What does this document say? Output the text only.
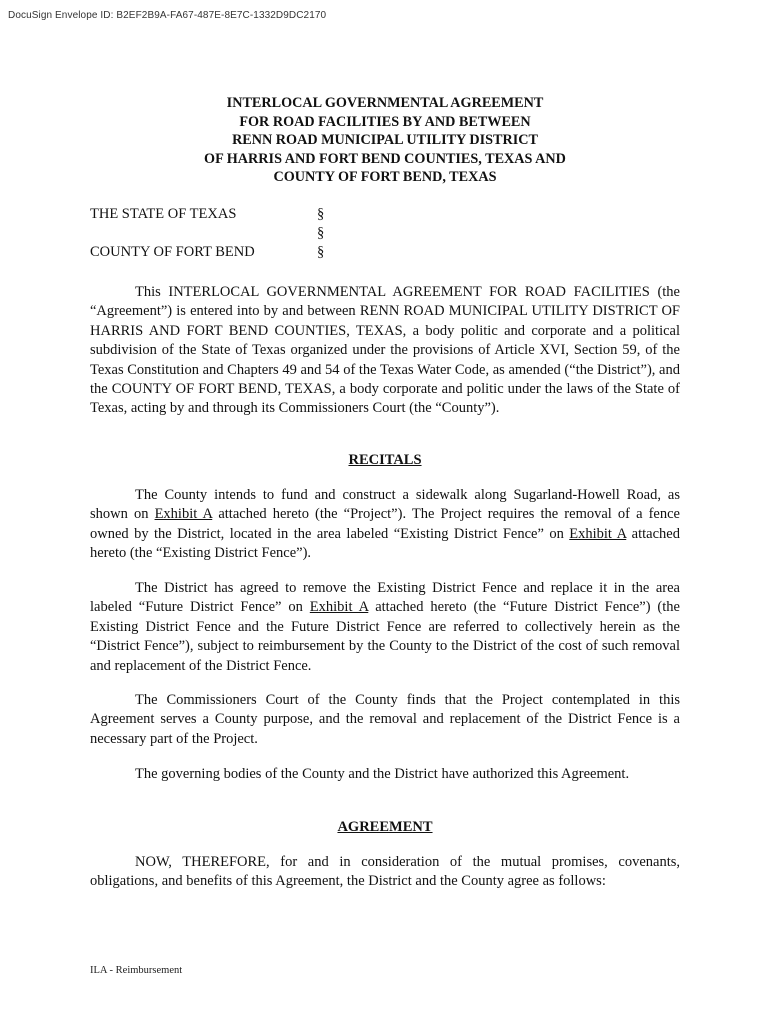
DocuSign Envelope ID: B2EF2B9A-FA67-487E-8E7C-1332D9DC2170
INTERLOCAL GOVERNMENTAL AGREEMENT
FOR ROAD FACILITIES BY AND BETWEEN
RENN ROAD MUNICIPAL UTILITY DISTRICT
OF HARRIS AND FORT BEND COUNTIES, TEXAS AND
COUNTY OF FORT BEND, TEXAS
THE STATE OF TEXAS	§
§
COUNTY OF FORT BEND	§

This INTERLOCAL GOVERNMENTAL AGREEMENT FOR ROAD FACILITIES (the “Agreement”) is entered into by and between RENN ROAD MUNICIPAL UTILITY DISTRICT OF HARRIS AND FORT BEND COUNTIES, TEXAS, a body politic and corporate and a political subdivision of the State of Texas organized under the provisions of Article XVI, Section 59, of the Texas Constitution and Chapters 49 and 54 of the Texas Water Code, as amended (“the District”), and the COUNTY OF FORT BEND, TEXAS, a body corporate and politic under the laws of the State of Texas, acting by and through its Commissioners Court (the “County”).

RECITALS

The County intends to fund and construct a sidewalk along Sugarland-Howell Road, as shown on Exhibit A attached hereto (the “Project”). The Project requires the removal of a fence owned by the District, located in the area labeled “Existing District Fence” on Exhibit A attached hereto (the “Existing District Fence”).

The District has agreed to remove the Existing District Fence and replace it in the area labeled “Future District Fence” on Exhibit A attached hereto (the “Future District Fence”) (the Existing District Fence and the Future District Fence are referred to collectively herein as the “District Fence”), subject to reimbursement by the County to the District of the cost of such removal and replacement of the District Fence.

The Commissioners Court of the County finds that the Project contemplated in this Agreement serves a County purpose, and the removal and replacement of the District Fence is a necessary part of the Project.

The governing bodies of the County and the District have authorized this Agreement.

AGREEMENT

NOW, THEREFORE, for and in consideration of the mutual promises, covenants, obligations, and benefits of this Agreement, the District and the County agree as follows:

ILA - Reimbursement
